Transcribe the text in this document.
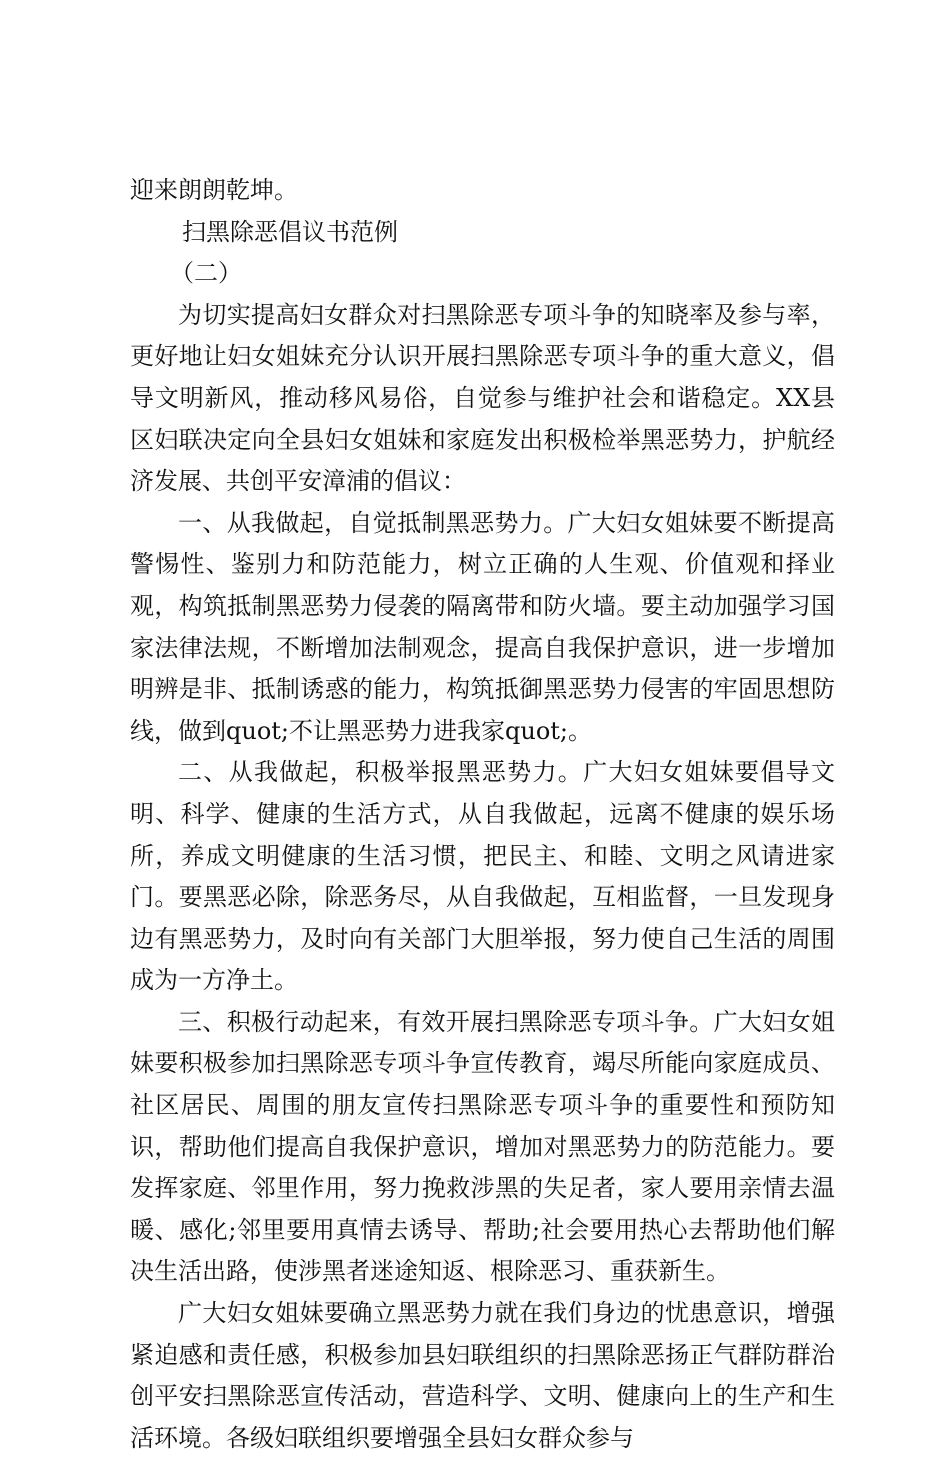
迎来朗朗乾坤。

扫黑除恶倡议书范例

（二）

为切实提高妇女群众对扫黑除恶专项斗争的知晓率及参与率，更好地让妇女姐妹充分认识开展扫黑除恶专项斗争的重大意义，倡导文明新风，推动移风易俗，自觉参与维护社会和谐稳定。XX县区妇联决定向全县妇女姐妹和家庭发出积极检举黑恶势力，护航经济发展、共创平安漳浦的倡议：

一、从我做起，自觉抵制黑恶势力。广大妇女姐妹要不断提高警惕性、鉴别力和防范能力，树立正确的人生观、价值观和择业观，构筑抵制黑恶势力侵袭的隔离带和防火墙。要主动加强学习国家法律法规，不断增加法制观念，提高自我保护意识，进一步增加明辨是非、抵制诱惑的能力，构筑抵御黑恶势力侵害的牢固思想防线，做到quot;不让黑恶势力进我家quot;。

二、从我做起，积极举报黑恶势力。广大妇女姐妹要倡导文明、科学、健康的生活方式，从自我做起，远离不健康的娱乐场所，养成文明健康的生活习惯，把民主、和睦、文明之风请进家门。要黑恶必除，除恶务尽，从自我做起，互相监督，一旦发现身边有黑恶势力，及时向有关部门大胆举报，努力使自己生活的周围成为一方净土。

三、积极行动起来，有效开展扫黑除恶专项斗争。广大妇女姐妹要积极参加扫黑除恶专项斗争宣传教育，竭尽所能向家庭成员、社区居民、周围的朋友宣传扫黑除恶专项斗争的重要性和预防知识，帮助他们提高自我保护意识，增加对黑恶势力的防范能力。要发挥家庭、邻里作用，努力挽救涉黑的失足者，家人要用亲情去温暖、感化;邻里要用真情去诱导、帮助;社会要用热心去帮助他们解决生活出路，使涉黑者迷途知返、根除恶习、重获新生。

广大妇女姐妹要确立黑恶势力就在我们身边的忧患意识，增强紧迫感和责任感，积极参加县妇联组织的扫黑除恶扬正气群防群治创平安扫黑除恶宣传活动，营造科学、文明、健康向上的生产和生活环境。各级妇联组织要增强全县妇女群众参与
